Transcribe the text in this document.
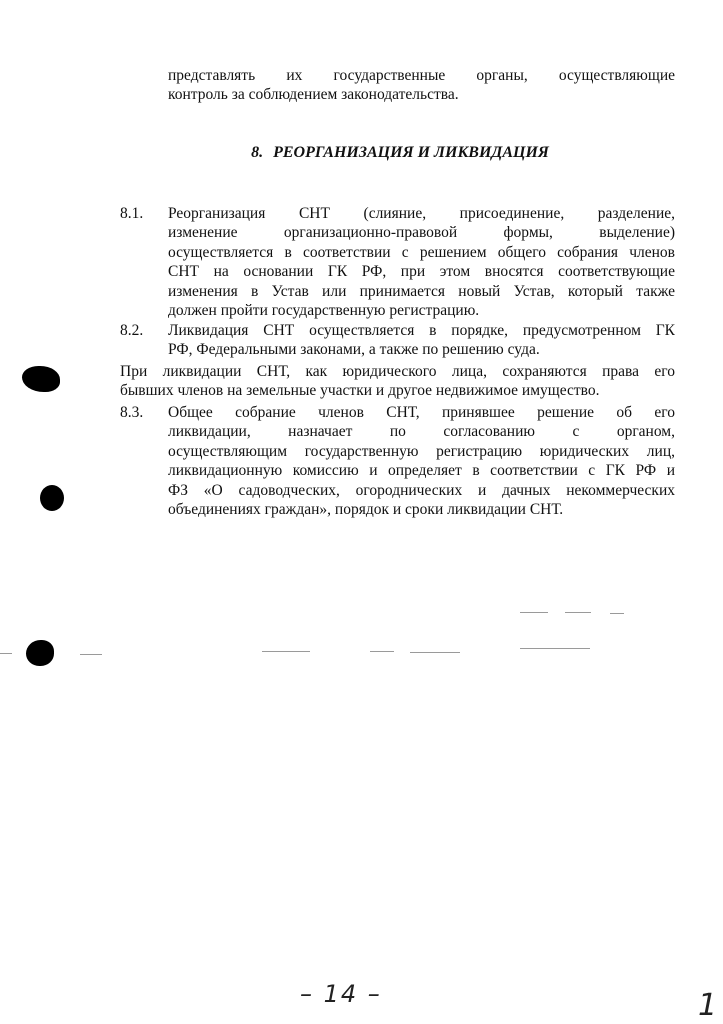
представлять их государственные органы, осуществляющие
контроль за соблюдением законодательства.
8. РЕОРГАНИЗАЦИЯ И ЛИКВИДАЦИЯ
8.1.	Реорганизация СНТ (слияние, присоединение, разделение,
изменение организационно-правовой формы, выделение)
осуществляется в соответствии с решением общего собрания членов
СНТ на основании ГК РФ, при этом вносятся соответствующие
изменения в Устав или принимается новый Устав, который также
должен пройти государственную регистрацию.
8.2.	Ликвидация СНТ осуществляется в порядке, предусмотренном ГК
РФ, Федеральными законами, а также по решению суда.
При ликвидации СНТ, как юридического лица, сохраняются права его
бывших членов на земельные участки и другое недвижимое имущество.
8.3.	Общее собрание членов СНТ, принявшее решение об его
ликвидации, назначает по согласованию с органом,
осуществляющим государственную регистрацию юридических лиц,
ликвидационную комиссию и определяет в соответствии с ГК РФ и
ФЗ «О садоводческих, огороднических и дачных некоммерческих
объединениях граждан», порядок и сроки ликвидации СНТ.
– 14 –	1
